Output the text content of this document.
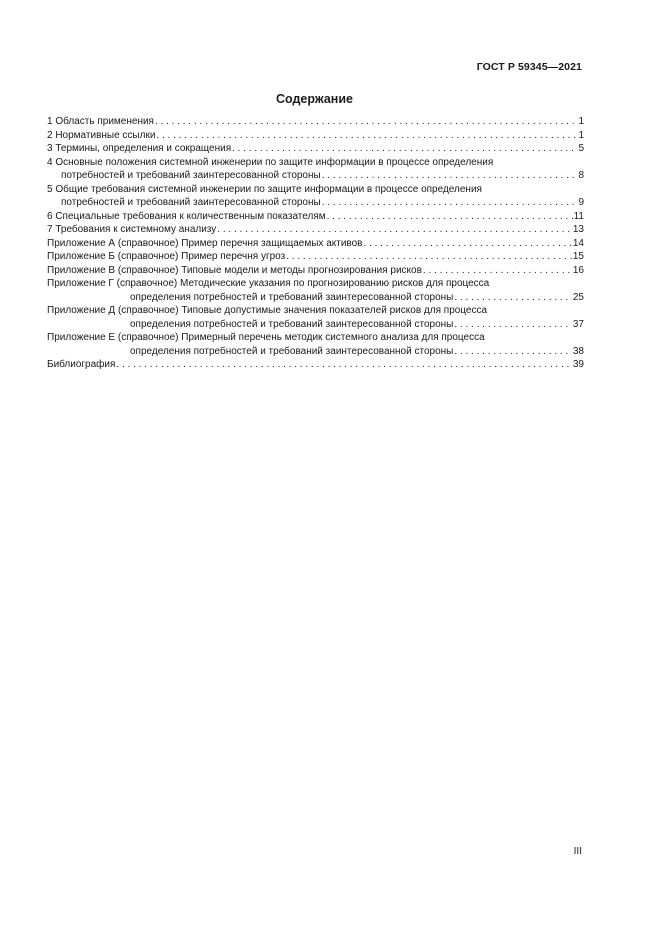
ГОСТ Р 59345—2021
Содержание
1 Область применения . . .	1
2 Нормативные ссылки . . .	1
3 Термины, определения и сокращения . . .	5
4 Основные положения системной инженерии по защите информации в процессе определения
потребностей и требований заинтересованной стороны . . .	8
5 Общие требования системной инженерии по защите информации в процессе определения
потребностей и требований заинтересованной стороны . . .	9
6 Специальные требования к количественным показателям . . .	11
7 Требования к системному анализу . . .	13
Приложение А (справочное) Пример перечня защищаемых активов . . .	14
Приложение Б (справочное) Пример перечня угроз . . .	15
Приложение В (справочное) Типовые модели и методы прогнозирования рисков . . .	16
Приложение Г (справочное) Методические указания по прогнозированию рисков для процесса
определения потребностей и требований заинтересованной стороны . . .	25
Приложение Д (справочное) Типовые допустимые значения показателей рисков для процесса
определения потребностей и требований заинтересованной стороны . . .	37
Приложение Е (справочное) Примерный перечень методик системного анализа для процесса
определения потребностей и требований заинтересованной стороны . . .	38
Библиография . . .	39
III
